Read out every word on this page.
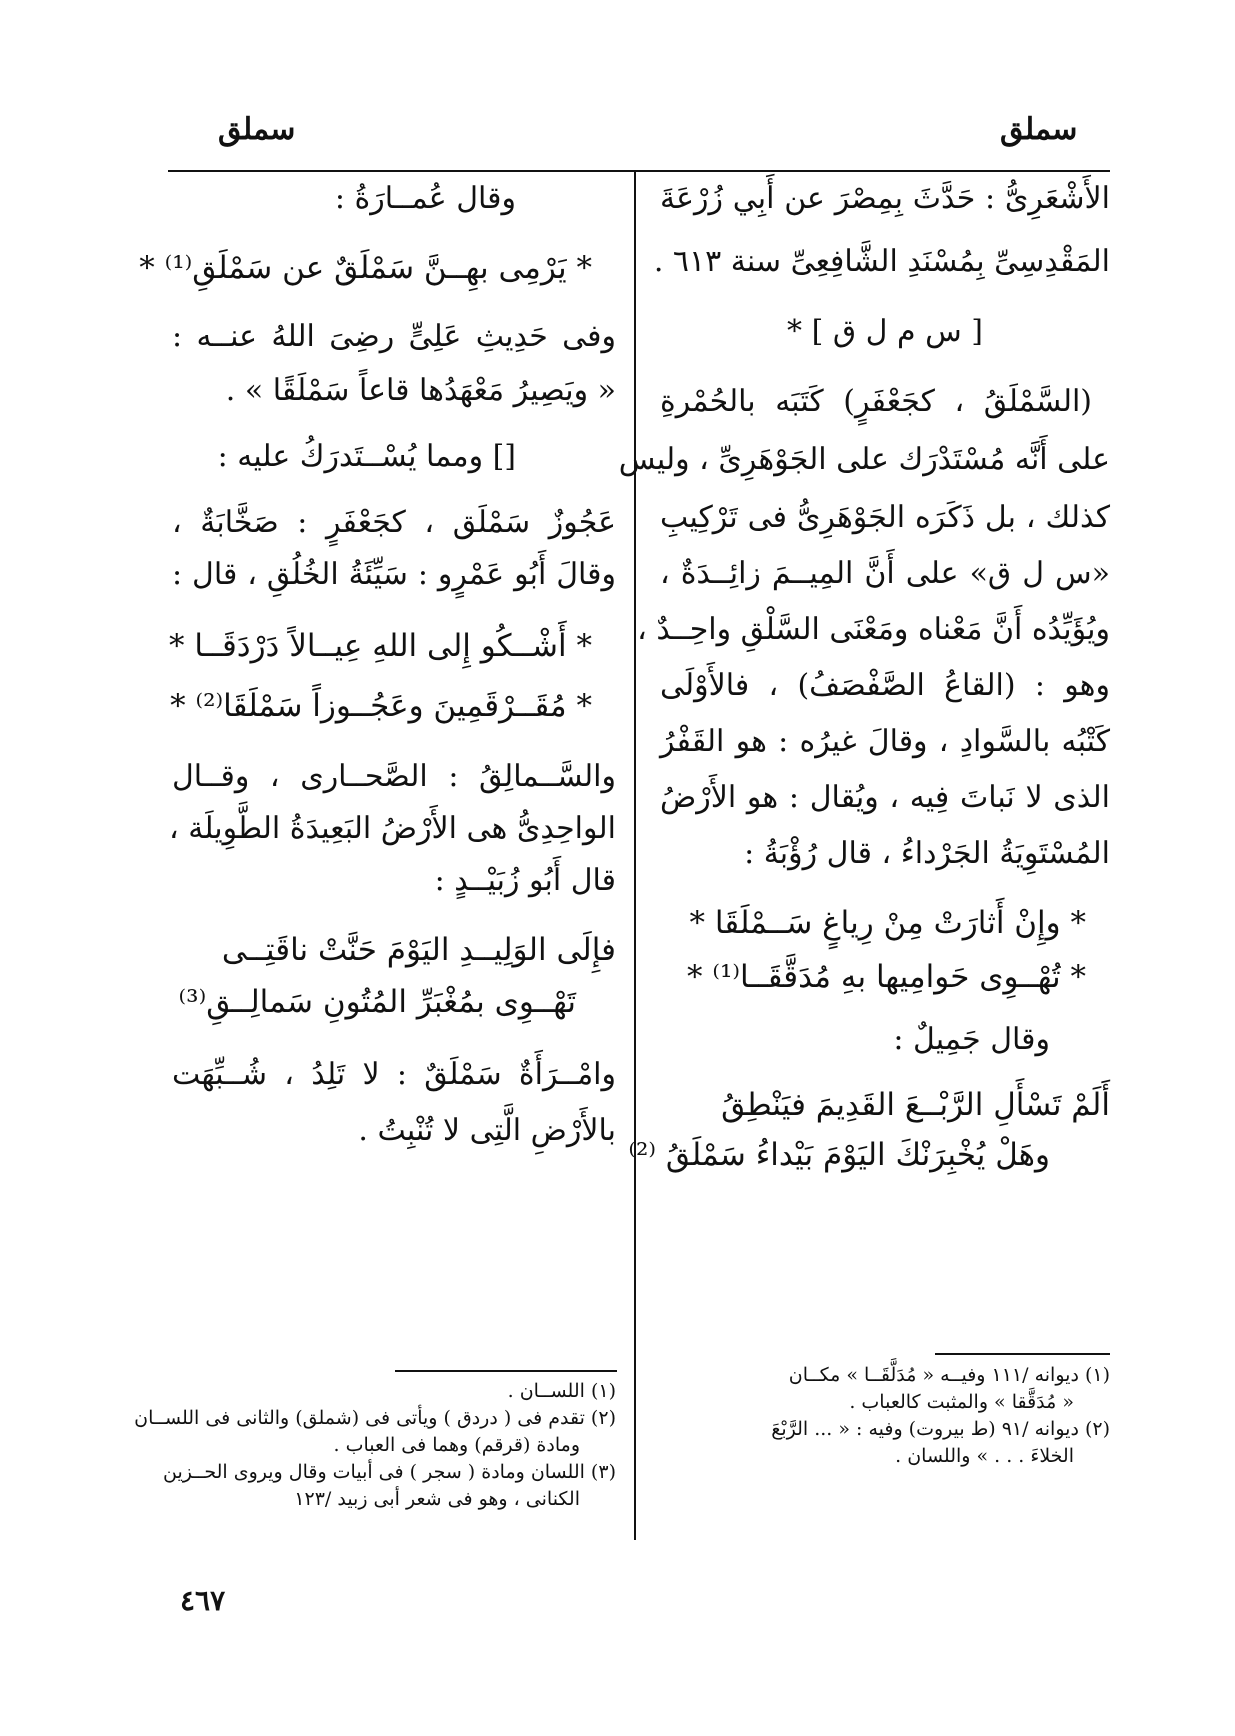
سملق
سملق
الأَشْعَرِىُّ : حَدَّثَ بِمِصْرَ عن أَبِي زُرْعَةَ
المَقْدِسِىِّ بِمُسْنَدِ الشَّافِعِىِّ سنة ٦١٣ .
[ س م ل ق ] *
(السَّمْلَقُ ، كجَعْفَرٍ) كَتَبَه بالحُمْرةِ
على أَنَّه مُسْتَدْرَك على الجَوْهَرِىِّ ، وليس
كذلك ، بل ذَكَرَه الجَوْهَرِىُّ فى تَرْكِيبِ
«س ل ق» على أَنَّ المِيــمَ زائِــدَةٌ ،
ويُؤَيِّدُه أَنَّ مَعْناه ومَعْنَى السَّلْقِ واحِــدٌ ،
وهو : (القاعُ الصَّفْصَفُ) ، فالأَوْلَى
كَتْبُه بالسَّوادِ ، وقالَ غيرُه : هو القَفْرُ
الذى لا نَباتَ فِيه ، ويُقال : هو الأَرْضُ
المُسْتَوِيَةُ الجَرْداءُ ، قال رُؤْبَةُ :
* وإِنْ أَثارَتْ مِنْ رِياغٍ سَــمْلَقَا *
* تُهْــوِى حَوامِيها بهِ مُدَقَّقَــا⁽¹⁾ *
وقال جَمِيلٌ :
أَلَمْ تَسْأَلِ الرَّبْــعَ القَدِيمَ فيَنْطِقُ
وهَلْ يُخْبِرَنْكَ اليَوْمَ بَيْداءُ سَمْلَقُ ⁽²⁾
وقال عُمــارَةُ :
* يَرْمِى بهِــنَّ سَمْلَقٌ عن سَمْلَقِ⁽¹⁾ *
وفى حَدِيثِ عَلِىٍّ رضِىَ اللهُ عنــه :
« ويَصِيرُ مَعْهَدُها قاعاً سَمْلَقًا » .
[] ومما يُسْــتَدرَكُ عليه :
عَجُوزٌ سَمْلَق ، كجَعْفَرٍ : صَخَّابَةٌ ،
وقالَ أَبُو عَمْرٍو : سَيِّئَةُ الخُلُقِ ، قال :
* أَشْــكُو إِلى اللهِ عِيــالاً دَرْدَقَــا *
* مُقَــرْقَمِينَ وعَجُــوزاً سَمْلَقَا⁽²⁾ *
والسَّــمالِقُ : الصَّحــارى ، وقــال
الواحِدِىُّ هى الأَرْضُ البَعِيدَةُ الطَّوِيلَة ،
قال أَبُو زُبَيْــدٍ :
فإِلَى الوَلِيــدِ اليَوْمَ حَنَّتْ ناقَتِــى
تَهْــوِى بمُغْبَرِّ المُتُونِ سَمالِــقِ⁽³⁾
وامْــرَأَةٌ سَمْلَقٌ : لا تَلِدُ ، شُــبِّهَت
بالأَرْضِ الَّتِى لا تُنْبِتُ .

(١) ديوانه /١١١ وفيــه « مُدَلَّقَــا » مكــان

« مُدَقَّقا » والمثبت كالعباب .

(٢) ديوانه /٩١ (ط بيروت) وفيه : « ... الرَّبْعَ

الخلاءَ . . . » واللسان .

(١) اللســان .

(٢) تقدم فى ( دردق ) ويأتى فى (شملق) والثانى فى اللســان

ومادة (قرقم) وهما فى العباب .

(٣) اللسان ومادة ( سجر ) فى أبيات وقال ويروى الحــزين

الكنانى ، وهو فى شعر أبى زبيد /١٢٣

٤٦٧
